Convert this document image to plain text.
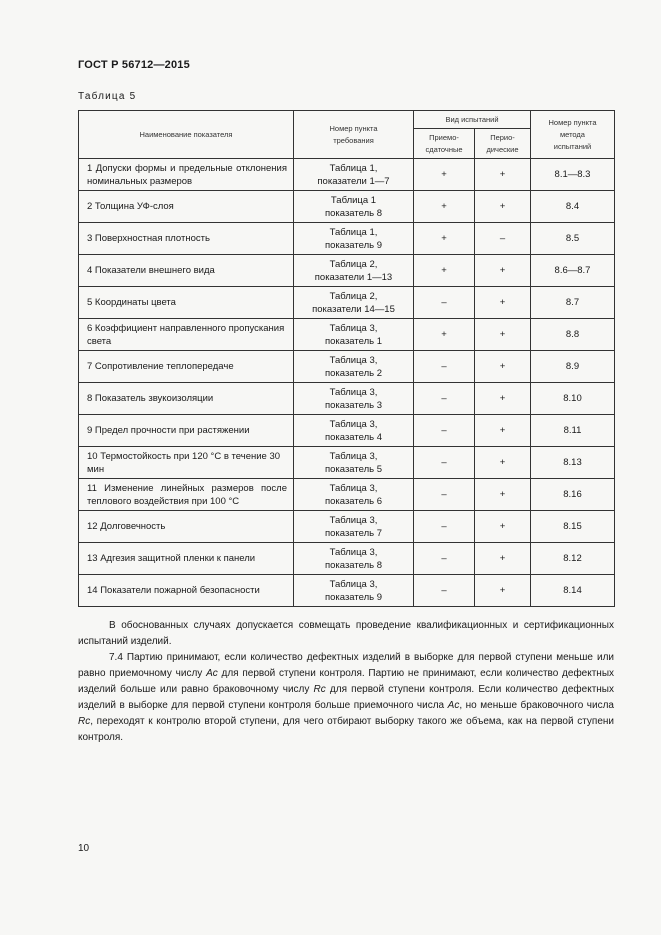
ГОСТ Р 56712—2015
Таблица 5
Наименование показателя	Номер пункта
требования	Вид испытаний		Номер пункта
метода
испытаний
		Приемо-
сдаточные	Перио-
дические	
1 Допуски формы и предельные отклонения номинальных размеров	Таблица 1,
показатели 1—7	+	+	8.1—8.3
2 Толщина УФ-слоя	Таблица 1
показатель 8	+	+	8.4
3 Поверхностная плотность	Таблица 1,
показатель 9	+	–	8.5
4 Показатели внешнего вида	Таблица 2,
показатели 1—13	+	+	8.6—8.7
5 Координаты цвета	Таблица 2,
показатели 14—15	–	+	8.7
6 Коэффициент направленного пропускания света	Таблица 3,
показатель 1	+	+	8.8
7 Сопротивление теплопередаче	Таблица 3,
показатель 2	–	+	8.9
8 Показатель звукоизоляции	Таблица 3,
показатель 3	–	+	8.10
9 Предел прочности при растяжении	Таблица 3,
показатель 4	–	+	8.11
10 Термостойкость при 120 °С в течение 30 мин	Таблица 3,
показатель 5	–	+	8.13
11 Изменение линейных размеров после теплового воздействия при 100 °С	Таблица 3,
показатель 6	–	+	8.16
12 Долговечность	Таблица 3,
показатель 7	–	+	8.15
13 Адгезия защитной пленки к панели	Таблица 3,
показатель 8	–	+	8.12
14 Показатели пожарной безопасности	Таблица 3,
показатель 9	–	+	8.14

В обоснованных случаях допускается совмещать проведение квалификационных и сертификационных испытаний изделий.

7.4 Партию принимают, если количество дефектных изделий в выборке для первой ступени меньше или равно приемочному числу Ac для первой ступени контроля. Партию не принимают, если количество дефектных изделий больше или равно браковочному числу Rc для первой ступени контроля. Если количество дефектных изделий в выборке для первой ступени контроля больше приемочного числа Ac, но меньше браковочного числа Rc, переходят к контролю второй ступени, для чего отбирают выборку такого же объема, как на первой ступени контроля.

10
